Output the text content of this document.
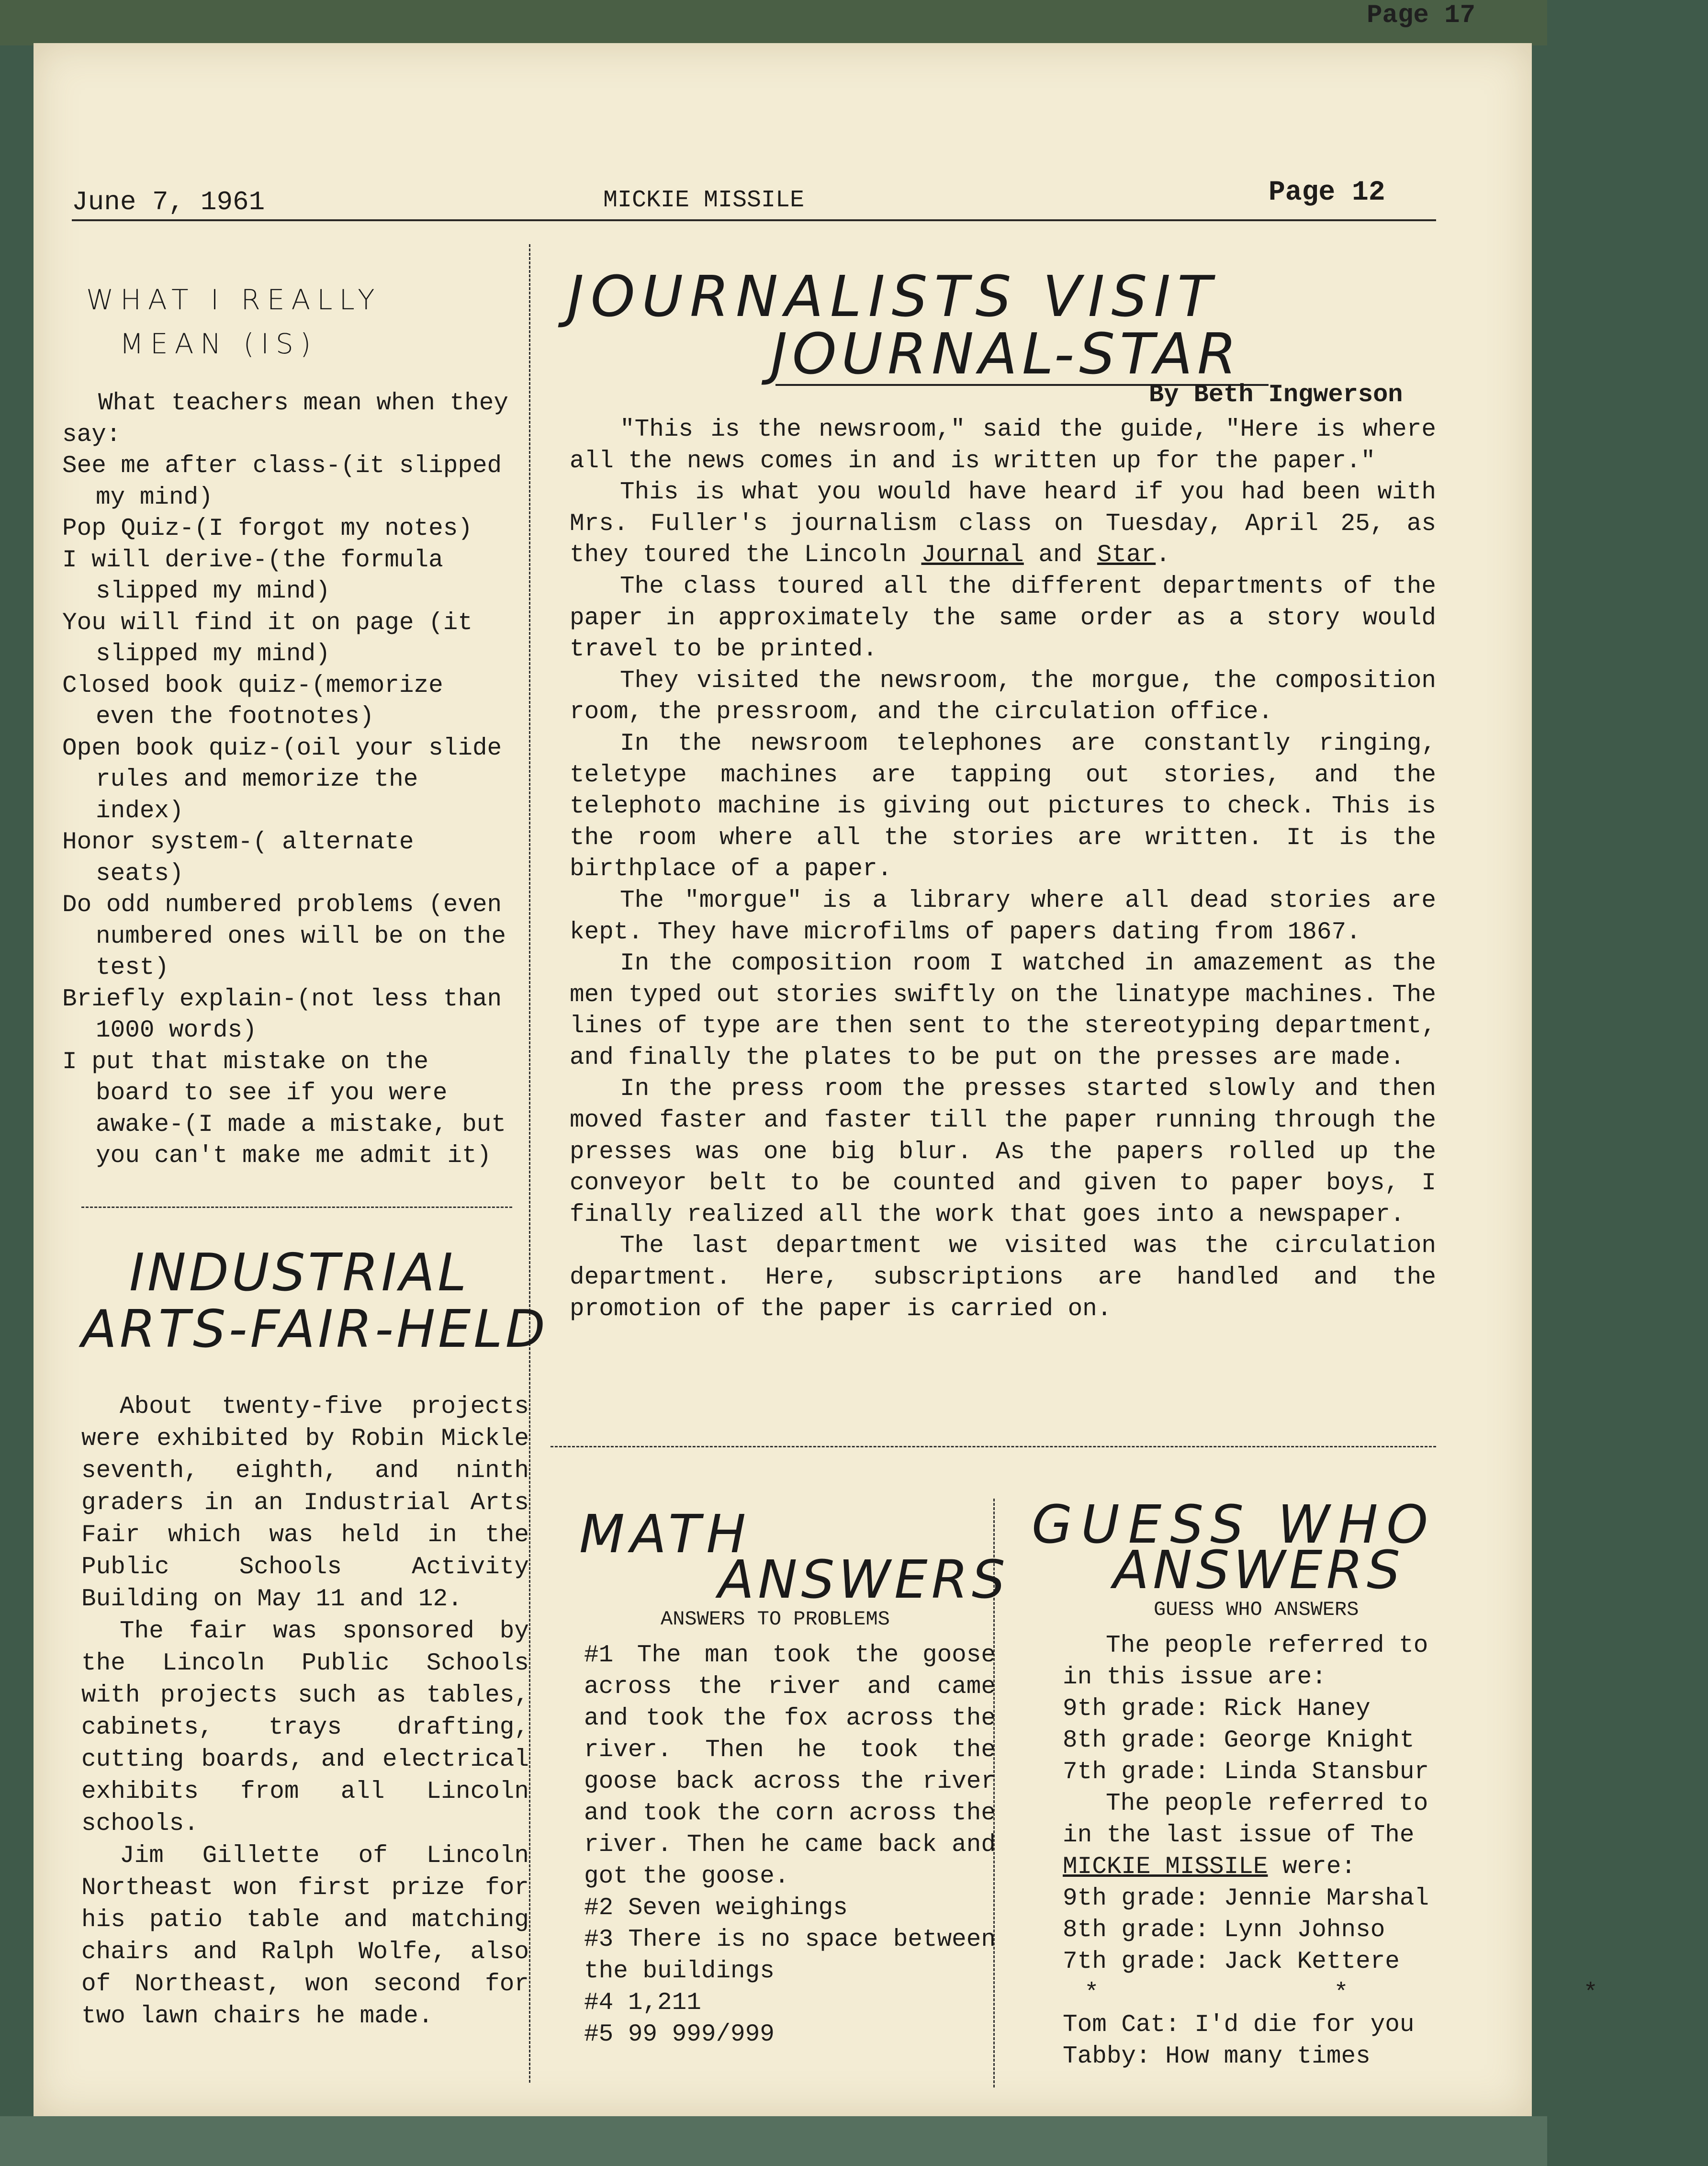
Page 17
June 7, 1961	MICKIE MISSILE	Page 12
WHAT I REALLY
MEAN (IS)

What teachers mean when they say:

See me after class-(it slipped my mind)

Pop Quiz-(I forgot my notes)

I will derive-(the formula slipped my mind)

You will find it on page (it slipped my mind)

Closed book quiz-(memorize even the footnotes)

Open book quiz-(oil your slide rules and memorize the index)

Honor system-( alternate seats)

Do odd numbered problems (even numbered ones will be on the test)

Briefly explain-(not less than 1000 words)

I put that mistake on the board to see if you were awake-(I made a mistake, but you can't make me admit it)

INDUSTRIAL
ARTS-FAIR-HELD

About twenty-five projects were exhibited by Robin Mickle seventh, eighth, and ninth graders in an Industrial Arts Fair which was held in the Public Schools Activity Building on May 11 and 12.

The fair was sponsored by the Lincoln Public Schools with projects such as tables, cabinets, trays drafting, cutting boards, and electrical exhibits from all Lincoln schools.

Jim Gillette of Lincoln Northeast won first prize for his patio table and matching chairs and Ralph Wolfe, also of Northeast, won second for two lawn chairs he made.

JOURNALISTS VISIT
JOURNAL-STAR
By Beth Ingwerson

"This is the newsroom," said the guide, "Here is where all the news comes in and is written up for the paper."

This is what you would have heard if you had been with Mrs. Fuller's journalism class on Tuesday, April 25, as they toured the Lincoln Journal and Star.

The class toured all the different departments of the paper in approximately the same order as a story would travel to be printed.

They visited the newsroom, the morgue, the composition room, the pressroom, and the circulation office.

In the newsroom telephones are constantly ringing, teletype machines are tapping out stories, and the telephoto machine is giving out pictures to check. This is the room where all the stories are written. It is the birthplace of a paper.

The "morgue" is a library where all dead stories are kept. They have microfilms of papers dating from 1867.

In the composition room I watched in amazement as the men typed out stories swiftly on the linatype machines. The lines of type are then sent to the stereotyping department, and finally the plates to be put on the presses are made.

In the press room the presses started slowly and then moved faster and faster till the paper running through the presses was one big blur. As the papers rolled up the conveyor belt to be counted and given to paper boys, I finally realized all the work that goes into a newspaper.

The last department we visited was the circulation department. Here, subscriptions are handled and the promotion of the paper is carried on.

MATH
ANSWERS
ANSWERS TO PROBLEMS

#1 The man took the goose across the river and came and took the fox across the river. Then he took the goose back across the river and took the corn across the river. Then he came back and got the goose.

#2 Seven weighings

#3 There is no space between the buildings

#4 1,211

#5 99 999/999

GUESS WHO
ANSWERS
GUESS WHO ANSWERS

The people referred to

in this issue are:

9th grade: Rick Haney

8th grade: George Knight

7th grade: Linda Stansbur

The people referred to

in the last issue of The

MICKIE MISSILE were:

9th grade: Jennie Marshal

8th grade: Lynn Johnso

7th grade: Jack Kettere

* * *

Tom Cat: I'd die for you

Tabby: How many times
